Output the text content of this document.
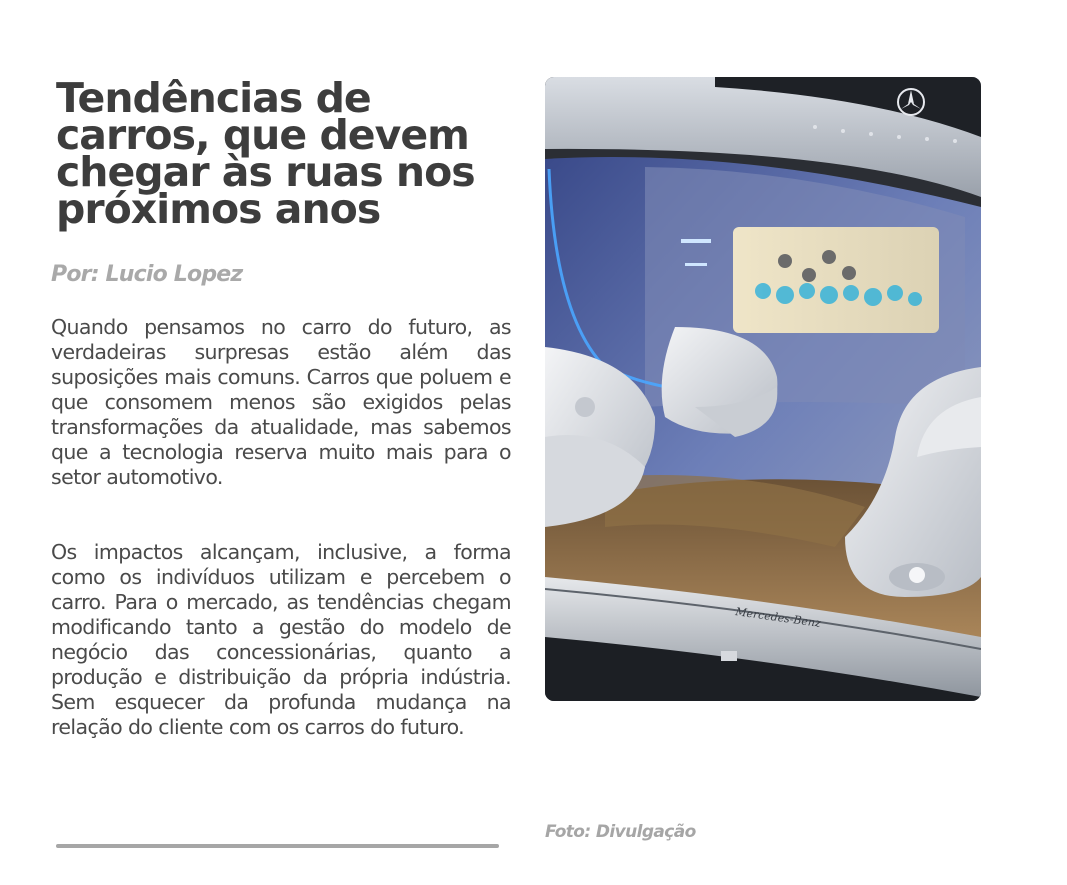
Tendências de carros, que devem chegar às ruas nos próximos anos

Por: Lucio Lopez

Quando pensamos no carro do futuro, as verdadeiras surpresas estão além das suposições mais comuns. Carros que poluem e que consomem menos são exigidos pelas transformações da atualidade, mas sabemos que a tecnologia reserva muito mais para o setor automotivo.

Os impactos alcançam, inclusive, a forma como os indivíduos utilizam e percebem o carro. Para o mercado, as tendências chegam modificando tanto a gestão do modelo de negócio das concessionárias, quanto a produção e distribuição da própria indústria. Sem esquecer da profunda mudança na relação do cliente com os carros do futuro.

Mercedes-Benz

Foto: Divulgação
